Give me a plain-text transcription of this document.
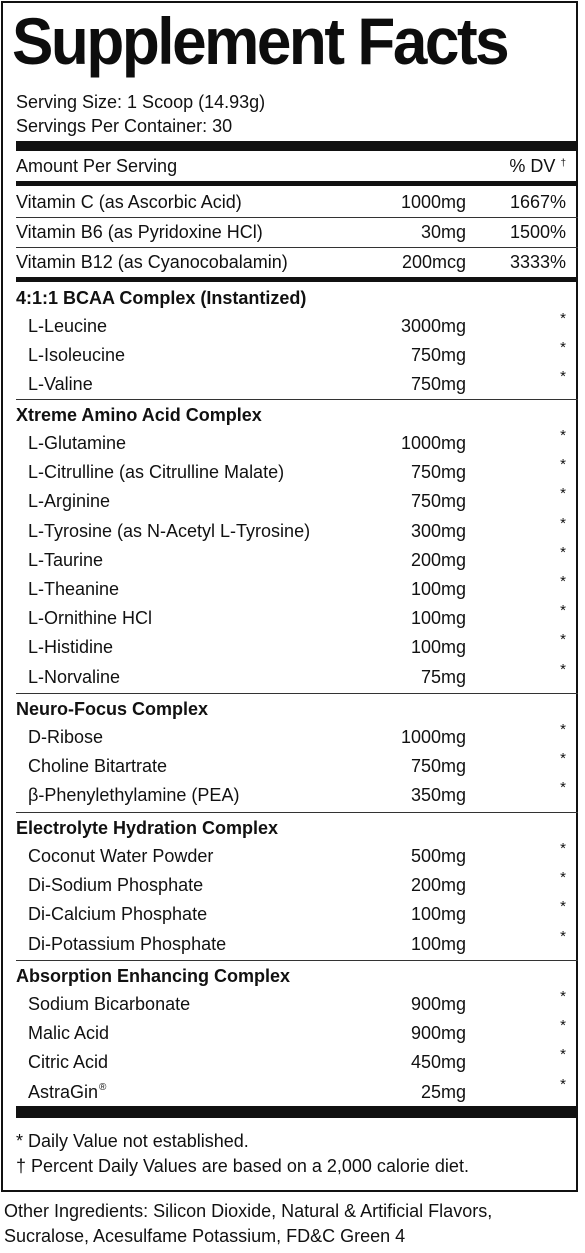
Supplement Facts
Serving Size: 1 Scoop (14.93g)
Servings Per Container: 30
Amount Per Serving	% DV †
Vitamin C (as Ascorbic Acid)	1000mg 1667%
Vitamin B6 (as Pyridoxine HCl)	30mg 1500%
Vitamin B12 (as Cyanocobalamin)	200mcg 3333%
4:1:1 BCAA Complex (Instantized)
L-Leucine	3000mg	*
L-Isoleucine	750mg	*
L-Valine	750mg	*
Xtreme Amino Acid Complex
L-Glutamine	1000mg	*
L-Citrulline (as Citrulline Malate)	750mg	*
L-Arginine	750mg	*
L-Tyrosine (as N-Acetyl L-Tyrosine)	300mg	*
L-Taurine	200mg	*
L-Theanine	100mg	*
L-Ornithine HCl	100mg	*
L-Histidine	100mg	*
L-Norvaline	75mg	*
Neuro-Focus Complex
D-Ribose	1000mg	*
Choline Bitartrate	750mg	*
β-Phenylethylamine (PEA)	350mg	*
Electrolyte Hydration Complex
Coconut Water Powder	500mg	*
Di-Sodium Phosphate	200mg	*
Di-Calcium Phosphate	100mg	*
Di-Potassium Phosphate	100mg	*
Absorption Enhancing Complex
Sodium Bicarbonate	900mg	*
Malic Acid	900mg	*
Citric Acid	450mg	*
AstraGin ®	25mg	*
* Daily Value not established.
† Percent Daily Values are based on a 2,000 calorie diet.
Other Ingredients: Silicon Dioxide, Natural & Artificial Flavors, Sucralose, Acesulfame Potassium, FD&C Green 4
